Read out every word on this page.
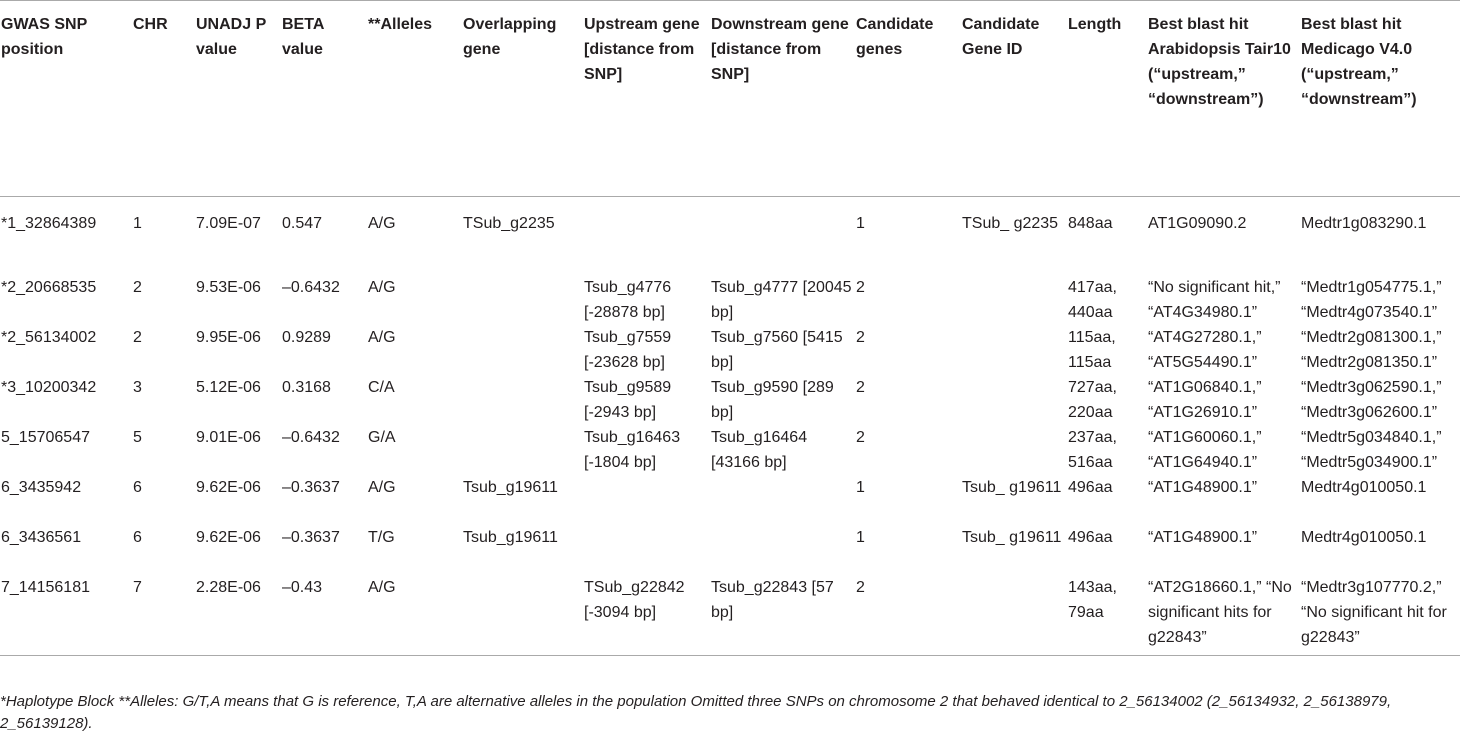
GWAS SNP position	CHR	UNADJ P value	BETA value	**Alleles	Overlapping gene	Upstream gene [distance from SNP]	Downstream gene [distance from SNP]	Candidate genes	Candidate Gene ID	Length	Best blast hit Arabidopsis Tair10 (“upstream,” “downstream”)	Best blast hit Medicago V4.0 (“upstream,” “downstream”)
*1_32864389	1	7.09E-07	0.547	A/G	TSub_g2235			1	TSub_ g2235	848aa	AT1G09090.2	Medtr1g083290.1
*2_20668535	2	9.53E-06	–0.6432	A/G		Tsub_g4776 [-28878 bp]	Tsub_g4777 [20045 bp]	2		417aa, 440aa	“No significant hit,” “AT4G34980.1”	“Medtr1g054775.1,” “Medtr4g073540.1”
*2_56134002	2	9.95E-06	0.9289	A/G		Tsub_g7559 [-23628 bp]	Tsub_g7560 [5415 bp]	2		115aa, 115aa	“AT4G27280.1,” “AT5G54490.1”	“Medtr2g081300.1,” “Medtr2g081350.1”
*3_10200342	3	5.12E-06	0.3168	C/A		Tsub_g9589 [-2943 bp]	Tsub_g9590 [289 bp]	2		727aa, 220aa	“AT1G06840.1,” “AT1G26910.1”	“Medtr3g062590.1,” “Medtr3g062600.1”
5_15706547	5	9.01E-06	–0.6432	G/A		Tsub_g16463 [-1804 bp]	Tsub_g16464 [43166 bp]	2		237aa, 516aa	“AT1G60060.1,” “AT1G64940.1”	“Medtr5g034840.1,” “Medtr5g034900.1”
6_3435942	6	9.62E-06	–0.3637	A/G	Tsub_g19611			1	Tsub_ g19611	496aa	“AT1G48900.1”	Medtr4g010050.1
6_3436561	6	9.62E-06	–0.3637	T/G	Tsub_g19611			1	Tsub_ g19611	496aa	“AT1G48900.1”	Medtr4g010050.1
7_14156181	7	2.28E-06	–0.43	A/G		TSub_g22842 [-3094 bp]	Tsub_g22843 [57 bp]	2		143aa, 79aa	“AT2G18660.1,” “No significant hits for g22843”	“Medtr3g107770.2,” “No significant hit for g22843”
*Haplotype Block **Alleles: G/T,A means that G is reference, T,A are alternative alleles in the population Omitted three SNPs on chromosome 2 that behaved identical to 2_56134002 (2_56134932, 2_56138979, 2_56139128).
